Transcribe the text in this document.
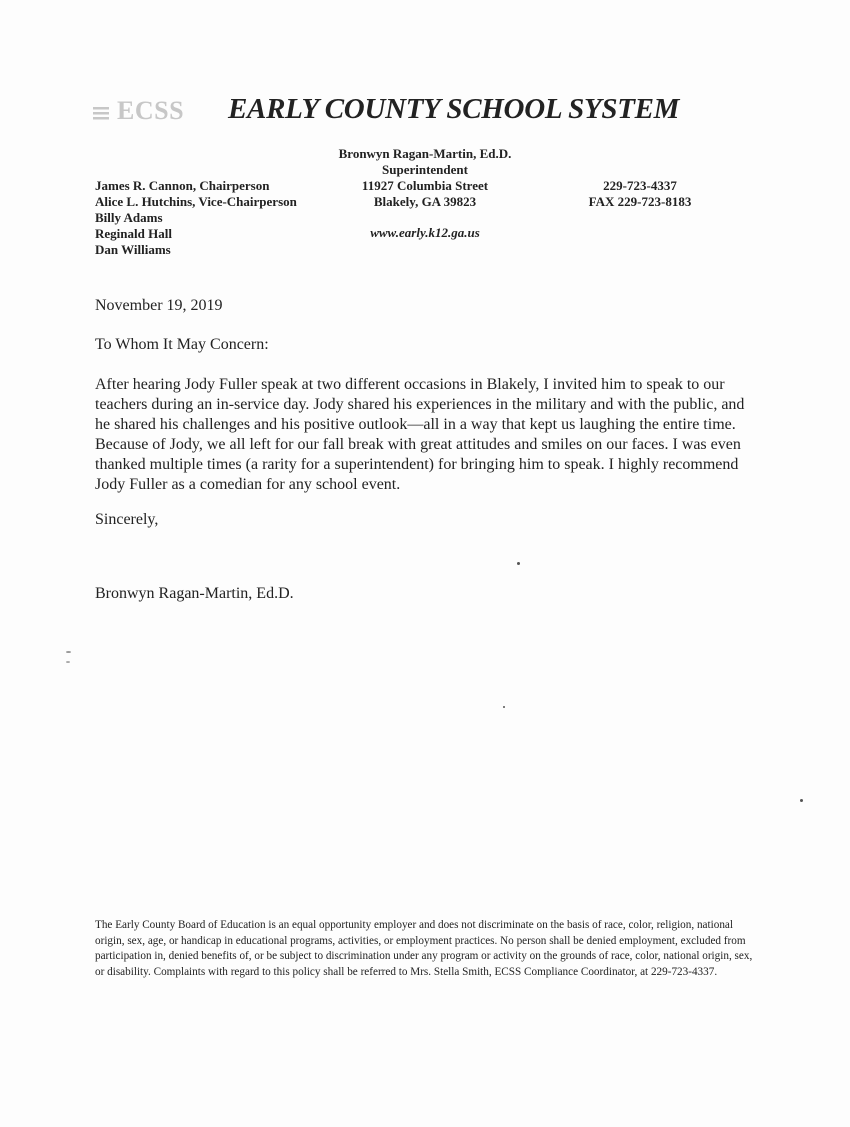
ECSS EARLY COUNTY SCHOOL SYSTEM
James R. Cannon, Chairperson
Alice L. Hutchins, Vice-Chairperson
Billy Adams
Reginald Hall
Dan Williams
Bronwyn Ragan-Martin, Ed.D.
Superintendent
11927 Columbia Street
Blakely, GA 39823
www.early.k12.ga.us
229-723-4337
FAX 229-723-8183
November 19, 2019
To Whom It May Concern:
After hearing Jody Fuller speak at two different occasions in Blakely, I invited him to speak to our teachers during an in-service day. Jody shared his experiences in the military and with the public, and he shared his challenges and his positive outlook—all in a way that kept us laughing the entire time. Because of Jody, we all left for our fall break with great attitudes and smiles on our faces. I was even thanked multiple times (a rarity for a superintendent) for bringing him to speak. I highly recommend Jody Fuller as a comedian for any school event.
Sincerely,
Bronwyn Ragan-Martin, Ed.D.
The Early County Board of Education is an equal opportunity employer and does not discriminate on the basis of race, color, religion, national origin, sex, age, or handicap in educational programs, activities, or employment practices. No person shall be denied employment, excluded from participation in, denied benefits of, or be subject to discrimination under any program or activity on the grounds of race, color, national origin, sex, or disability. Complaints with regard to this policy shall be referred to Mrs. Stella Smith, ECSS Compliance Coordinator, at 229-723-4337.
